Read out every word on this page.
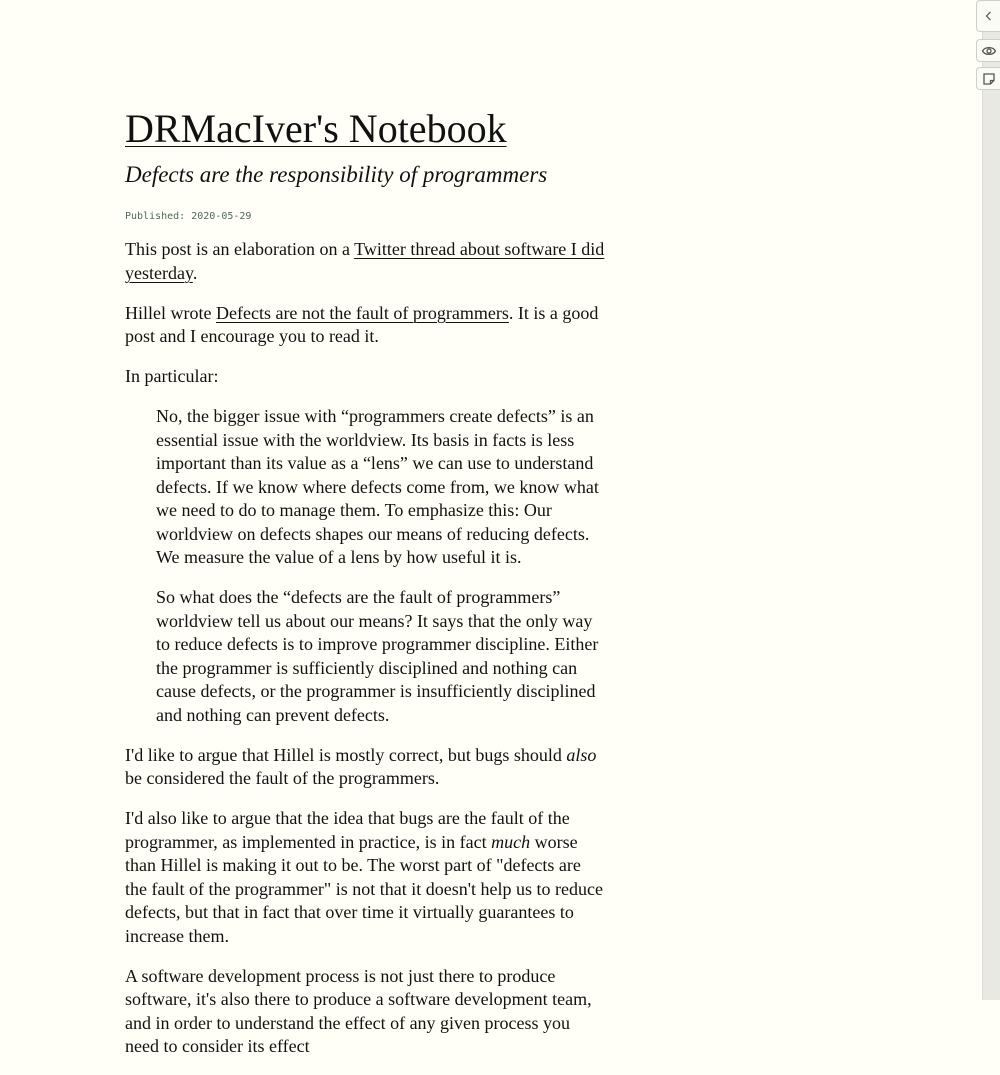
DRMacIver's Notebook
Defects are the responsibility of programmers
Published: 2020-05-29

This post is an elaboration on a Twitter thread about software I did yesterday.

Hillel wrote Defects are not the fault of programmers. It is a good post and I encourage you to read it.

In particular:

No, the bigger issue with “programmers create defects” is an essential issue with the worldview. Its basis in facts is less important than its value as a “lens” we can use to understand defects. If we know where defects come from, we know what we need to do to manage them. To emphasize this: Our worldview on defects shapes our means of reducing defects. We measure the value of a lens by how useful it is.

So what does the “defects are the fault of programmers” worldview tell us about our means? It says that the only way to reduce defects is to improve programmer discipline. Either the programmer is sufficiently disciplined and nothing can cause defects, or the programmer is insufficiently disciplined and nothing can prevent defects.

I'd like to argue that Hillel is mostly correct, but bugs should also be considered the fault of the programmers.

I'd also like to argue that the idea that bugs are the fault of the programmer, as implemented in practice, is in fact much worse than Hillel is making it out to be. The worst part of "defects are the fault of the programmer" is not that it doesn't help us to reduce defects, but that in fact that over time it virtually guarantees to increase them.

A software development process is not just there to produce software, it's also there to produce a software development team, and in order to understand the effect of any given process you need to consider its effect
